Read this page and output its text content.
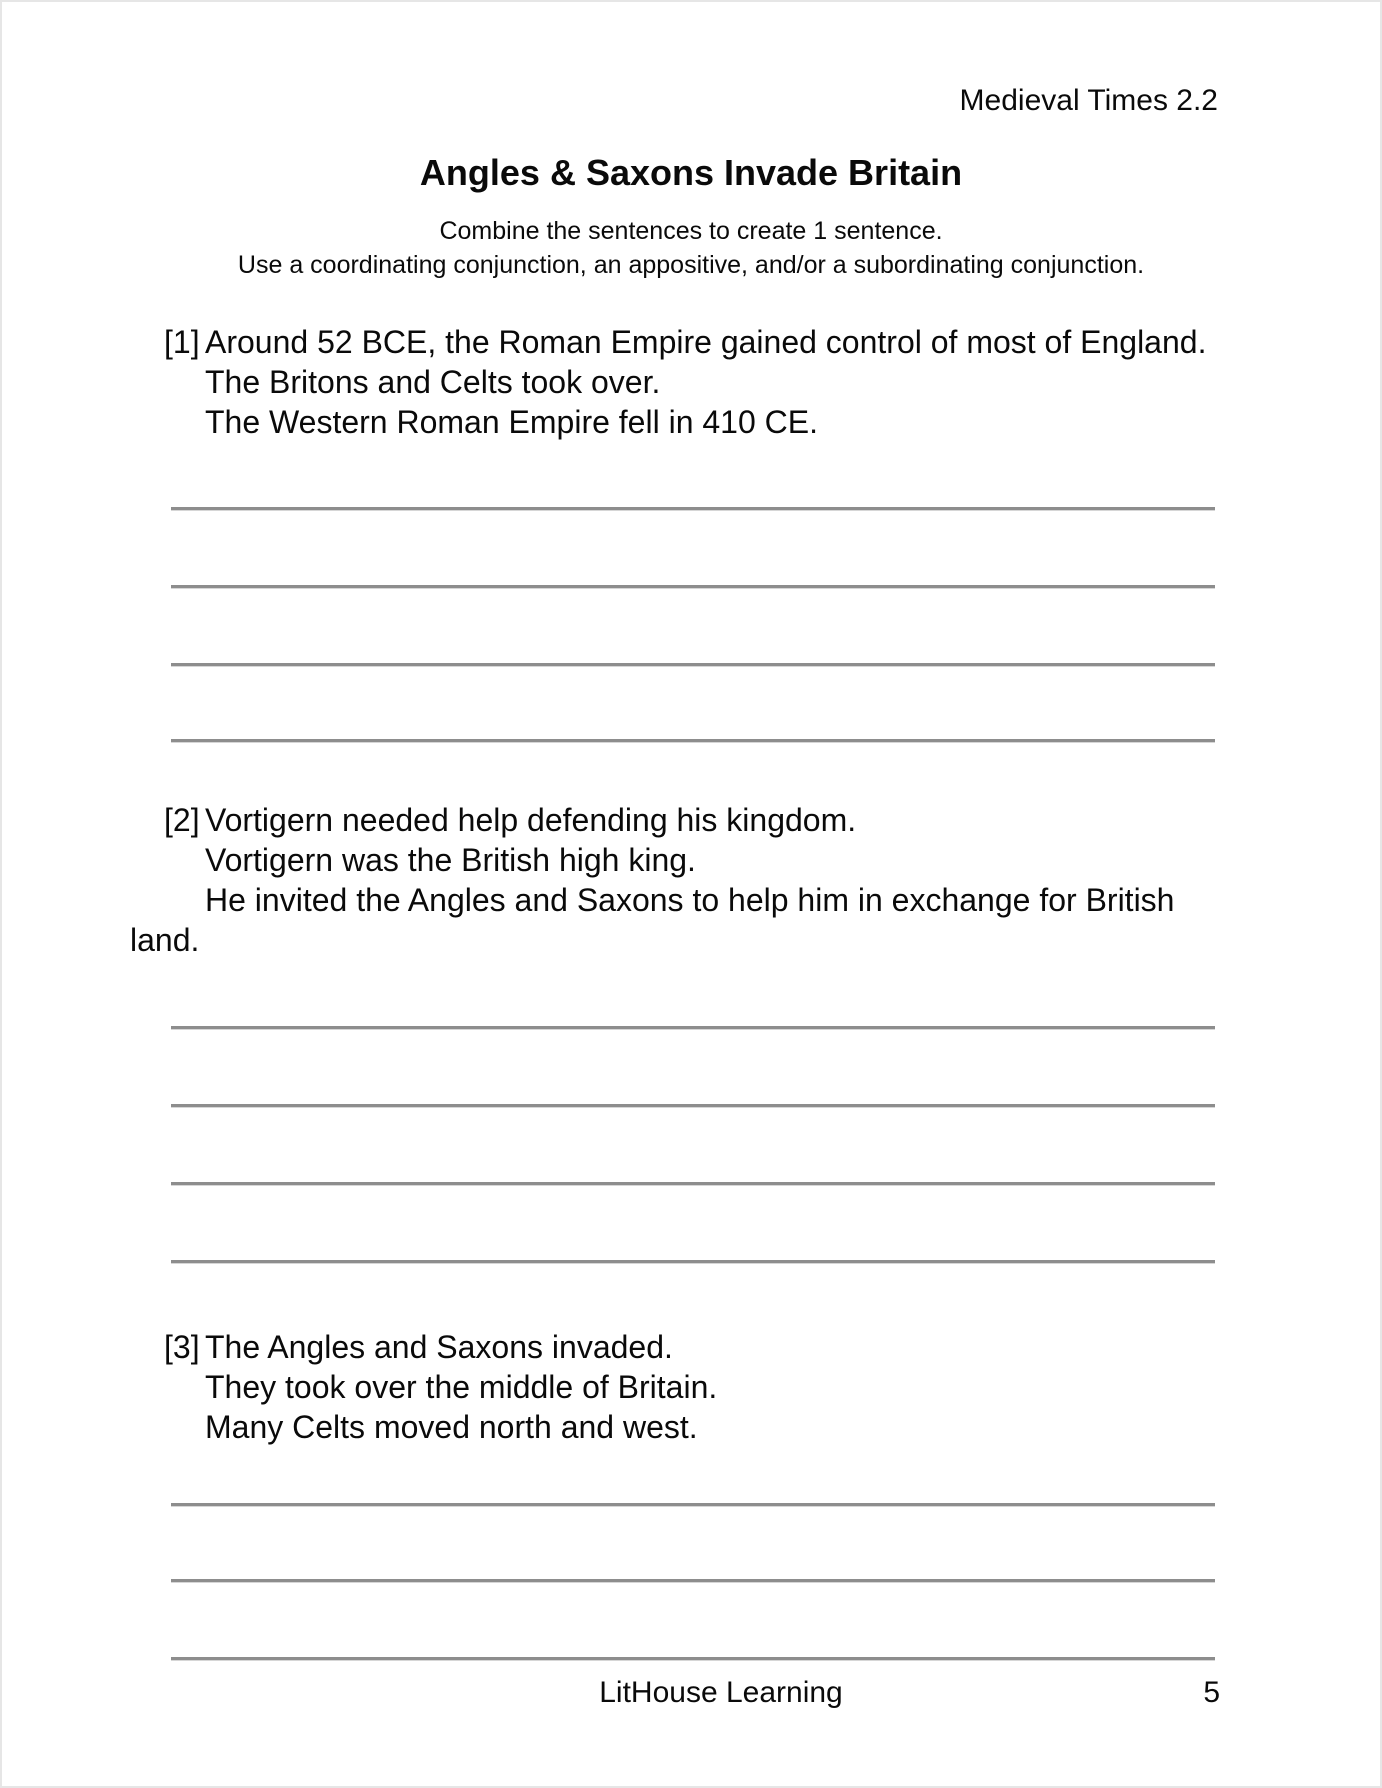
Medieval Times 2.2
Angles & Saxons Invade Britain
Combine the sentences to create 1 sentence.
Use a coordinating conjunction, an appositive, and/or a subordinating conjunction.
[1] Around 52 BCE, the Roman Empire gained control of most of England.
The Britons and Celts took over.
The Western Roman Empire fell in 410 CE.
[2] Vortigern needed help defending his kingdom.
Vortigern was the British high king.
He invited the Angles and Saxons to help him in exchange for British
land.
[3] The Angles and Saxons invaded.
They took over the middle of Britain.
Many Celts moved north and west.
LitHouse Learning	5
